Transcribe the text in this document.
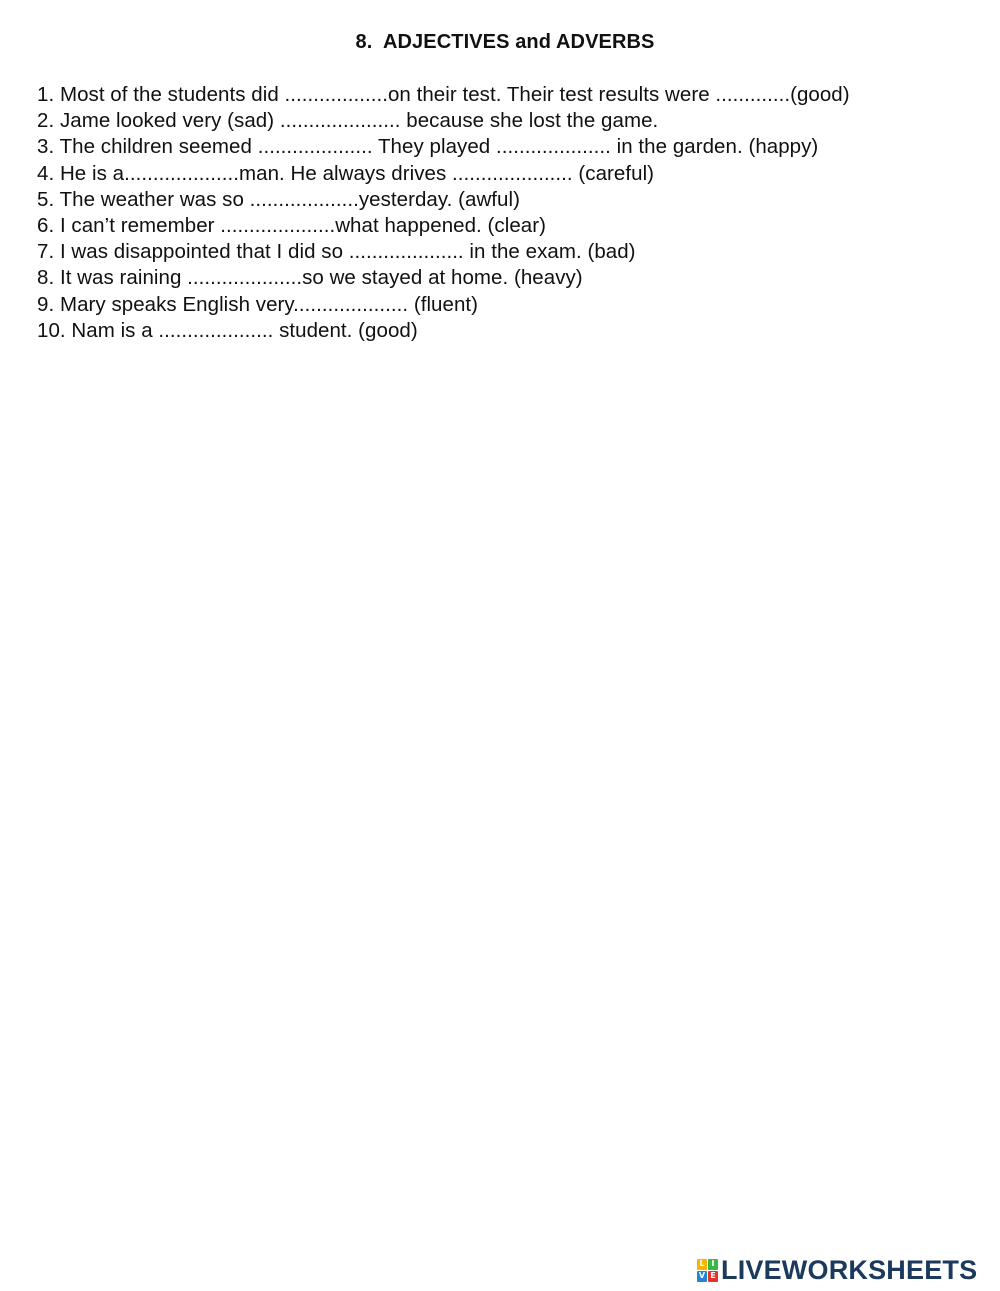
8.  ADJECTIVES and ADVERBS
1. Most of the students did ..................on their test. Their test results were .............(good)
2. Jame looked very (sad) ..................... because she lost the game.
3. The children seemed .................... They played .................... in the garden. (happy)
4. He is a....................man. He always drives ..................... (careful)
5. The weather was so ...................yesterday. (awful)
6. I can’t remember ....................what happened. (clear)
7. I was disappointed that I did so .................... in the exam. (bad)
8. It was raining ....................so we stayed at home. (heavy)
9. Mary speaks English very.................... (fluent)
10. Nam is a .................... student. (good)
L I
V E LIVEWORKSHEETS
